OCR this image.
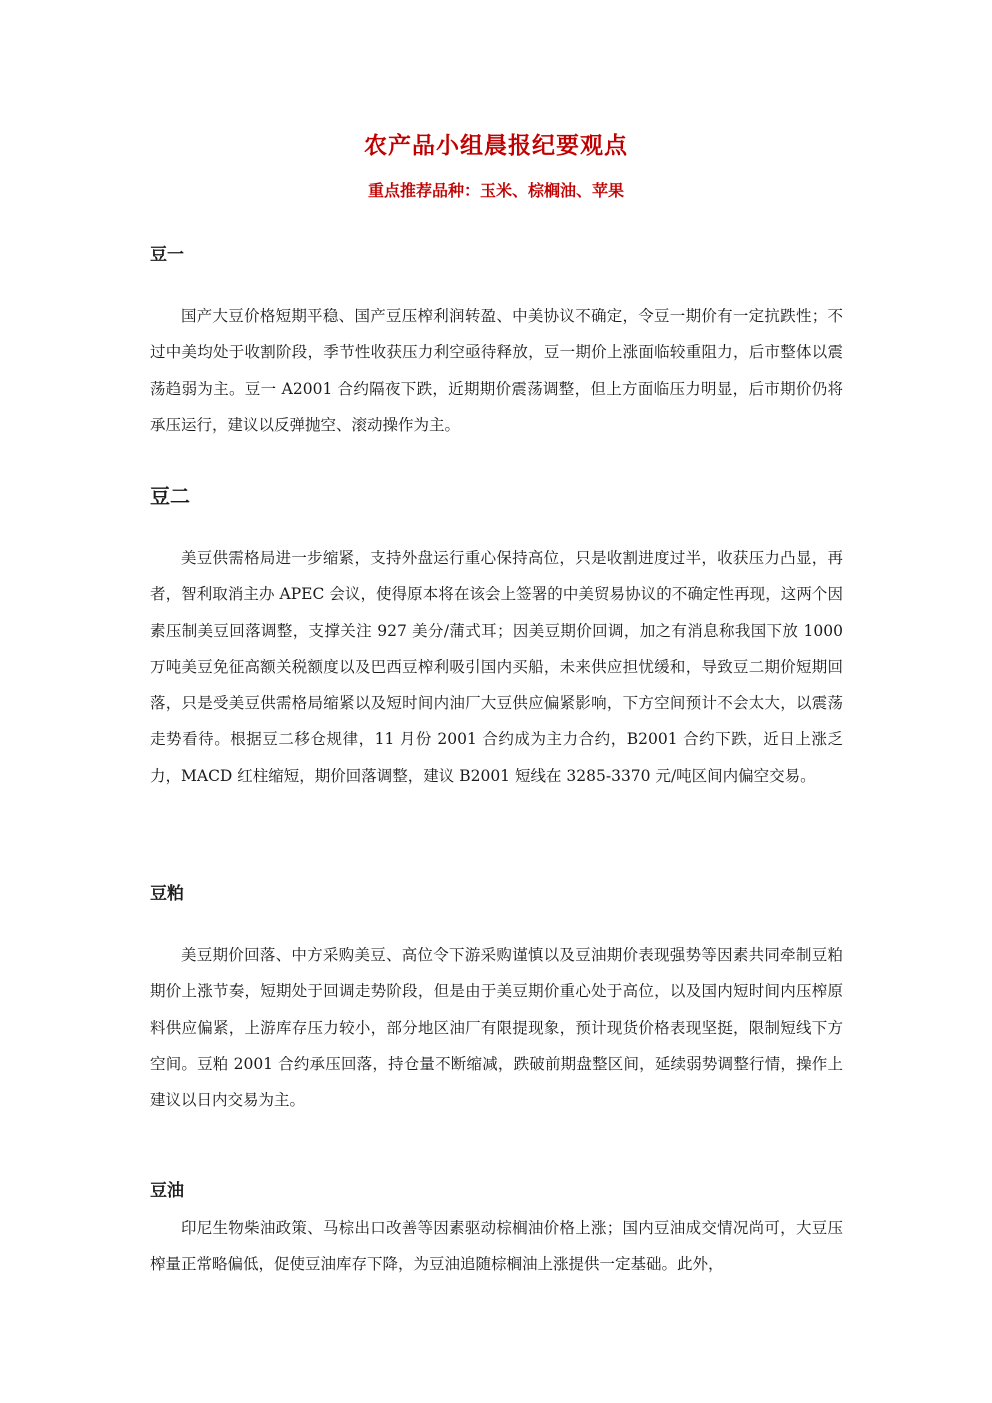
农产品小组晨报纪要观点
重点推荐品种：玉米、棕榈油、苹果
豆一

国产大豆价格短期平稳、国产豆压榨利润转盈、中美协议不确定，令豆一期价有一定抗跌性；不过中美均处于收割阶段，季节性收获压力利空亟待释放，豆一期价上涨面临较重阻力，后市整体以震荡趋弱为主。豆一 A2001 合约隔夜下跌，近期期价震荡调整，但上方面临压力明显，后市期价仍将承压运行，建议以反弹抛空、滚动操作为主。

豆二

美豆供需格局进一步缩紧，支持外盘运行重心保持高位，只是收割进度过半，收获压力凸显，再者，智利取消主办 APEC 会议，使得原本将在该会上签署的中美贸易协议的不确定性再现，这两个因素压制美豆回落调整，支撑关注 927 美分/蒲式耳；因美豆期价回调，加之有消息称我国下放 1000 万吨美豆免征高额关税额度以及巴西豆榨利吸引国内买船，未来供应担忧缓和，导致豆二期价短期回落，只是受美豆供需格局缩紧以及短时间内油厂大豆供应偏紧影响，下方空间预计不会太大，以震荡走势看待。根据豆二移仓规律，11 月份 2001 合约成为主力合约，B2001 合约下跌，近日上涨乏力，MACD 红柱缩短，期价回落调整，建议 B2001 短线在 3285-3370 元/吨区间内偏空交易。

豆粕

美豆期价回落、中方采购美豆、高位令下游采购谨慎以及豆油期价表现强势等因素共同牵制豆粕期价上涨节奏，短期处于回调走势阶段，但是由于美豆期价重心处于高位，以及国内短时间内压榨原料供应偏紧，上游库存压力较小，部分地区油厂有限提现象，预计现货价格表现坚挺，限制短线下方空间。豆粕 2001 合约承压回落，持仓量不断缩减，跌破前期盘整区间，延续弱势调整行情，操作上建议以日内交易为主。

豆油

印尼生物柴油政策、马棕出口改善等因素驱动棕榈油价格上涨；国内豆油成交情况尚可，大豆压榨量正常略偏低，促使豆油库存下降，为豆油追随棕榈油上涨提供一定基础。此外，
